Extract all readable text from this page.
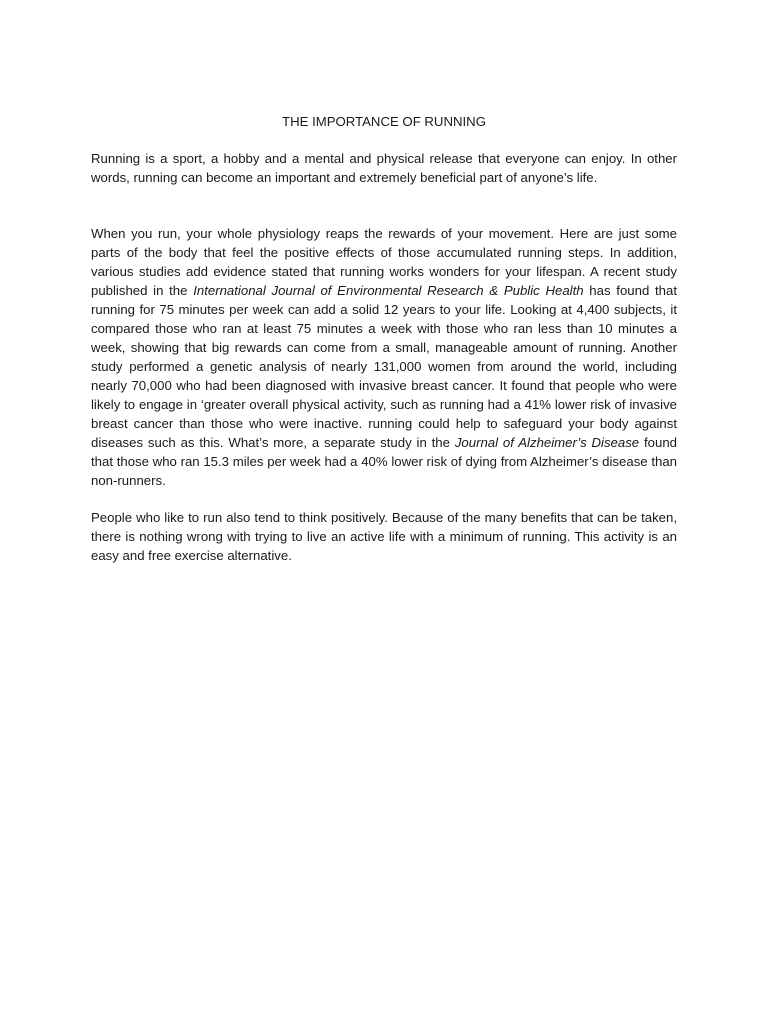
THE IMPORTANCE OF RUNNING

Running is a sport, a hobby and a mental and physical release that everyone can enjoy. In other words, running can become an important and extremely beneficial part of anyone’s life.

When you run, your whole physiology reaps the rewards of your movement. Here are just some parts of the body that feel the positive effects of those accumulated running steps. In addition, various studies add evidence stated that running works wonders for your lifespan. A recent study published in the International Journal of Environmental Research & Public Health has found that running for 75 minutes per week can add a solid 12 years to your life. Looking at 4,400 subjects, it compared those who ran at least 75 minutes a week with those who ran less than 10 minutes a week, showing that big rewards can come from a small, manageable amount of running. Another study performed a genetic analysis of nearly 131,000 women from around the world, including nearly 70,000 who had been diagnosed with invasive breast cancer. It found that people who were likely to engage in ‘greater overall physical activity, such as running had a 41% lower risk of invasive breast cancer than those who were inactive. running could help to safeguard your body against diseases such as this. What’s more, a separate study in the Journal of Alzheimer’s Disease found that those who ran 15.3 miles per week had a 40% lower risk of dying from Alzheimer’s disease than non-runners.

People who like to run also tend to think positively. Because of the many benefits that can be taken, there is nothing wrong with trying to live an active life with a minimum of running. This activity is an easy and free exercise alternative.
